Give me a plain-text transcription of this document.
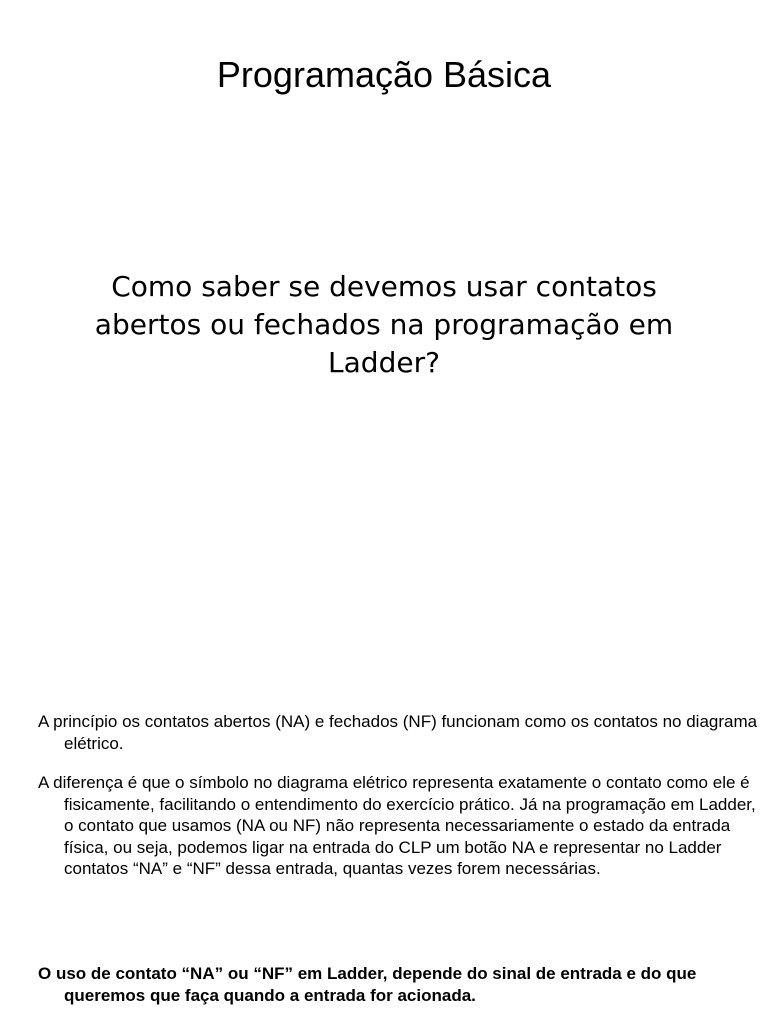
Programação Básica

Como saber se devemos usar contatos abertos ou fechados na programação em Ladder?

A princípio os contatos abertos (NA) e fechados (NF) funcionam como os contatos no diagrama elétrico.

A diferença é que o símbolo no diagrama elétrico representa exatamente o contato como ele é fisicamente, facilitando o entendimento do exercício prático. Já na programação em Ladder, o contato que usamos (NA ou NF) não representa necessariamente o estado da entrada física, ou seja, podemos ligar na entrada do CLP um botão NA e representar no Ladder contatos “NA” e “NF” dessa entrada, quantas vezes forem necessárias.

O uso de contato “NA” ou “NF” em Ladder, depende do sinal de entrada e do que queremos que faça quando a entrada for acionada.
